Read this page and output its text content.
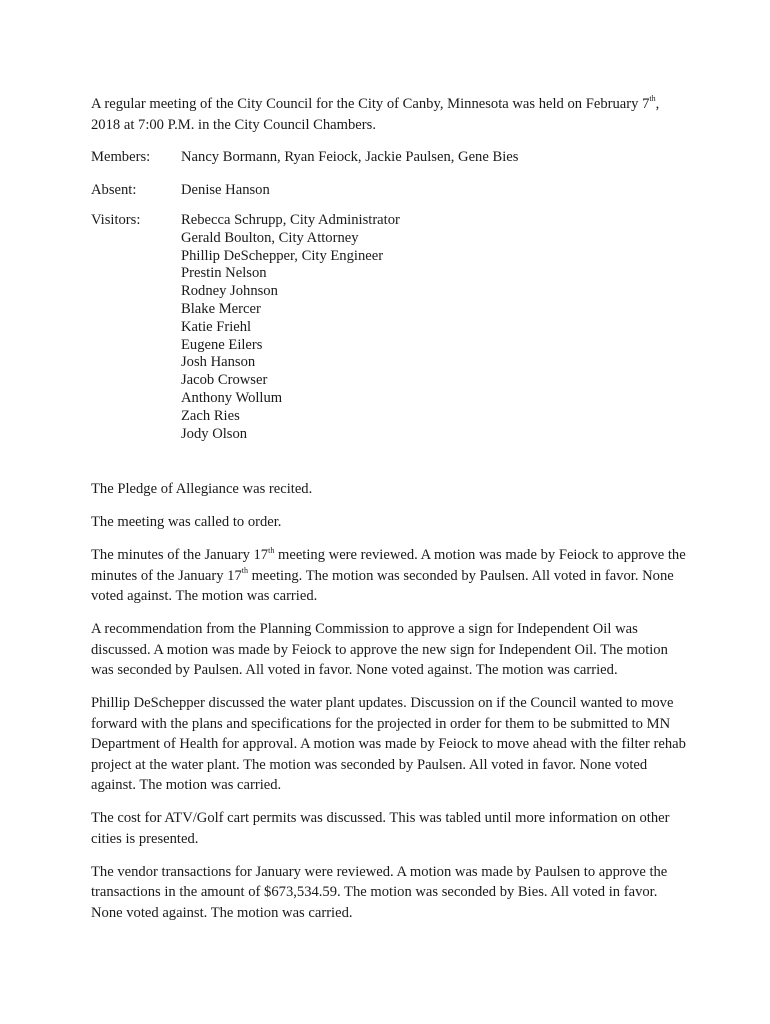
A regular meeting of the City Council for the City of Canby, Minnesota was held on February 7th, 2018 at 7:00 P.M. in the City Council Chambers.

Members:	Nancy Bormann, Ryan Feiock, Jackie Paulsen, Gene Bies
Absent:	Denise Hanson
Visitors:	Rebecca Schrupp, City Administrator
Gerald Boulton, City Attorney
Phillip DeSchepper, City Engineer
Prestin Nelson
Rodney Johnson
Blake Mercer
Katie Friehl
Eugene Eilers
Josh Hanson
Jacob Crowser
Anthony Wollum
Zach Ries
Jody Olson

The Pledge of Allegiance was recited.

The meeting was called to order.

The minutes of the January 17th meeting were reviewed. A motion was made by Feiock to approve the minutes of the January 17th meeting. The motion was seconded by Paulsen. All voted in favor. None voted against. The motion was carried.

A recommendation from the Planning Commission to approve a sign for Independent Oil was discussed. A motion was made by Feiock to approve the new sign for Independent Oil. The motion was seconded by Paulsen. All voted in favor. None voted against. The motion was carried.

Phillip DeSchepper discussed the water plant updates. Discussion on if the Council wanted to move forward with the plans and specifications for the projected in order for them to be submitted to MN Department of Health for approval. A motion was made by Feiock to move ahead with the filter rehab project at the water plant. The motion was seconded by Paulsen. All voted in favor. None voted against. The motion was carried.

The cost for ATV/Golf cart permits was discussed. This was tabled until more information on other cities is presented.

The vendor transactions for January were reviewed. A motion was made by Paulsen to approve the transactions in the amount of $673,534.59. The motion was seconded by Bies. All voted in favor. None voted against. The motion was carried.
